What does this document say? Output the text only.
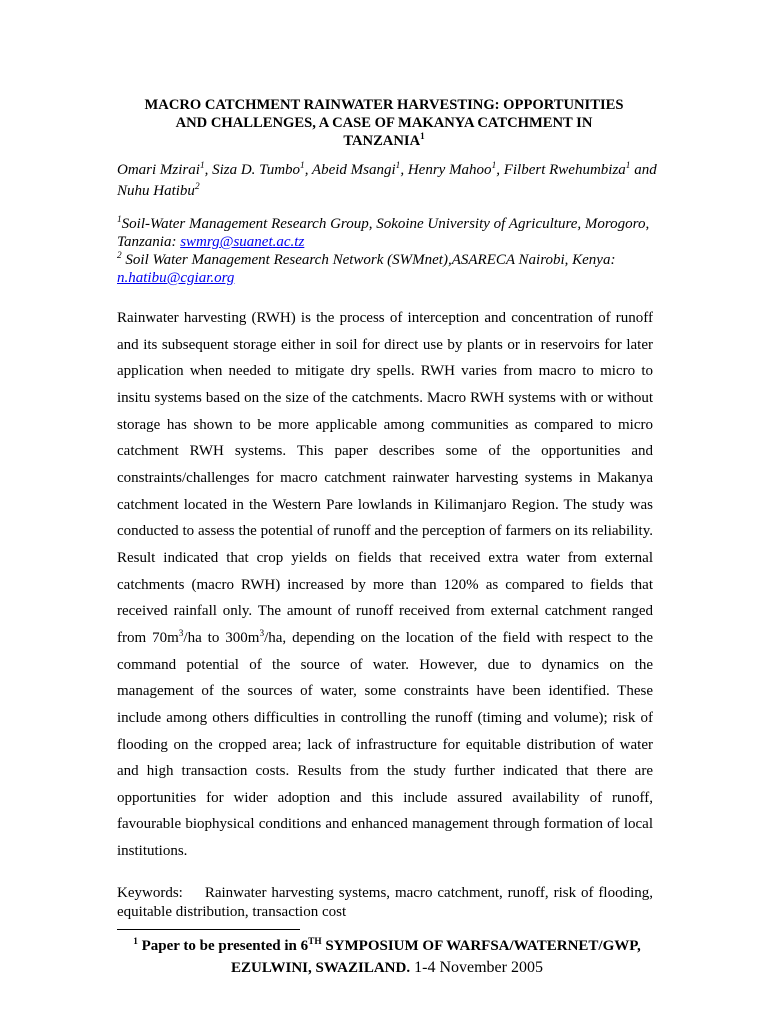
MACRO CATCHMENT RAINWATER HARVESTING: OPPORTUNITIES
AND CHALLENGES, A CASE OF MAKANYA CATCHMENT IN
TANZANIA$^1$
Omari Mzirai$^1$, Siza D. Tumbo$^1$, Abeid Msangi$^1$, Henry Mahoo$^1$, Filbert Rwehumbiza$^1$ and Nuhu Hatibu$^2$
$^1$Soil-Water Management Research Group, Sokoine University of Agriculture, Morogoro, Tanzania: swmrg@suanet.ac.tz
$^2$ Soil Water Management Research Network (SWMnet),ASARECA Nairobi, Kenya: n.hatibu@cgiar.org

Rainwater harvesting (RWH) is the process of interception and concentration of runoff and its subsequent storage either in soil for direct use by plants or in reservoirs for later application when needed to mitigate dry spells. RWH varies from macro to micro to insitu systems based on the size of the catchments. Macro RWH systems with or without storage has shown to be more applicable among communities as compared to micro catchment RWH systems. This paper describes some of the opportunities and constraints/challenges for macro catchment rainwater harvesting systems in Makanya catchment located in the Western Pare lowlands in Kilimanjaro Region. The study was conducted to assess the potential of runoff and the perception of farmers on its reliability. Result indicated that crop yields on fields that received extra water from external catchments (macro RWH) increased by more than 120% as compared to fields that received rainfall only. The amount of runoff received from external catchment ranged from $70m^3/ha$ to $300m^3/ha$, depending on the location of the field with respect to the command potential of the source of water. However, due to dynamics on the management of the sources of water, some constraints have been identified. These include among others difficulties in controlling the runoff (timing and volume); risk of flooding on the cropped area; lack of infrastructure for equitable distribution of water and high transaction costs. Results from the study further indicated that there are opportunities for wider adoption and this include assured availability of runoff, favourable biophysical conditions and enhanced management through formation of local institutions.

Keywords: Rainwater harvesting systems, macro catchment, runoff, risk of flooding, equitable distribution, transaction cost
$^1$ Paper to be presented in 6TH SYMPOSIUM OF WARFSA/WATERNET/GWP,
EZULWINI, SWAZILAND. 1-4 November 2005
